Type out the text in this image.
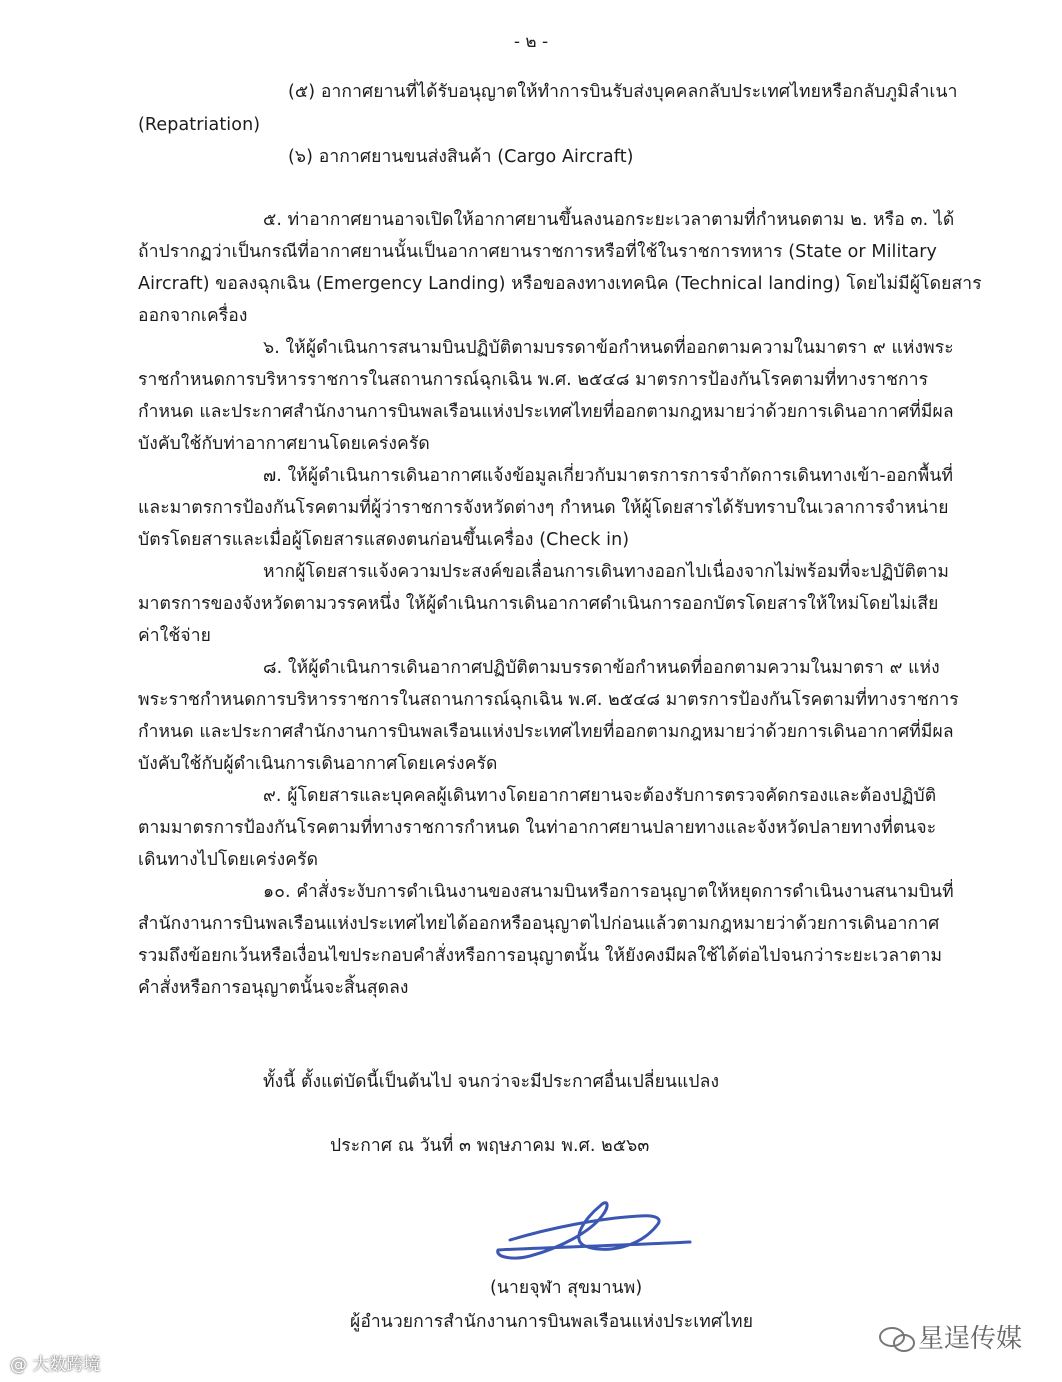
- ๒ -
(๕) อากาศยานที่ได้รับอนุญาตให้ทำการบินรับส่งบุคคลกลับประเทศไทยหรือกลับภูมิลำเนา
(Repatriation)
(๖) อากาศยานขนส่งสินค้า (Cargo Aircraft)
๕. ท่าอากาศยานอาจเปิดให้อากาศยานขึ้นลงนอกระยะเวลาตามที่กำหนดตาม ๒. หรือ ๓. ได้
ถ้าปรากฏว่าเป็นกรณีที่อากาศยานนั้นเป็นอากาศยานราชการหรือที่ใช้ในราชการทหาร (State or Military
Aircraft) ขอลงฉุกเฉิน (Emergency Landing) หรือขอลงทางเทคนิค (Technical landing) โดยไม่มีผู้โดยสาร
ออกจากเครื่อง
๖. ให้ผู้ดำเนินการสนามบินปฏิบัติตามบรรดาข้อกำหนดที่ออกตามความในมาตรา ๙ แห่งพระ
ราชกำหนดการบริหารราชการในสถานการณ์ฉุกเฉิน พ.ศ. ๒๕๔๘ มาตรการป้องกันโรคตามที่ทางราชการ
กำหนด และประกาศสำนักงานการบินพลเรือนแห่งประเทศไทยที่ออกตามกฎหมายว่าด้วยการเดินอากาศที่มีผล
บังคับใช้กับท่าอากาศยานโดยเคร่งครัด
๗. ให้ผู้ดำเนินการเดินอากาศแจ้งข้อมูลเกี่ยวกับมาตรการการจำกัดการเดินทางเข้า-ออกพื้นที่
และมาตรการป้องกันโรคตามที่ผู้ว่าราชการจังหวัดต่างๆ กำหนด ให้ผู้โดยสารได้รับทราบในเวลาการจำหน่าย
บัตรโดยสารและเมื่อผู้โดยสารแสดงตนก่อนขึ้นเครื่อง (Check in)
หากผู้โดยสารแจ้งความประสงค์ขอเลื่อนการเดินทางออกไปเนื่องจากไม่พร้อมที่จะปฏิบัติตาม
มาตรการของจังหวัดตามวรรคหนึ่ง ให้ผู้ดำเนินการเดินอากาศดำเนินการออกบัตรโดยสารให้ใหม่โดยไม่เสีย
ค่าใช้จ่าย
๘. ให้ผู้ดำเนินการเดินอากาศปฏิบัติตามบรรดาข้อกำหนดที่ออกตามความในมาตรา ๙ แห่ง
พระราชกำหนดการบริหารราชการในสถานการณ์ฉุกเฉิน พ.ศ. ๒๕๔๘ มาตรการป้องกันโรคตามที่ทางราชการ
กำหนด และประกาศสำนักงานการบินพลเรือนแห่งประเทศไทยที่ออกตามกฎหมายว่าด้วยการเดินอากาศที่มีผล
บังคับใช้กับผู้ดำเนินการเดินอากาศโดยเคร่งครัด
๙. ผู้โดยสารและบุคคลผู้เดินทางโดยอากาศยานจะต้องรับการตรวจคัดกรองและต้องปฏิบัติ
ตามมาตรการป้องกันโรคตามที่ทางราชการกำหนด ในท่าอากาศยานปลายทางและจังหวัดปลายทางที่ตนจะ
เดินทางไปโดยเคร่งครัด
๑๐. คำสั่งระงับการดำเนินงานของสนามบินหรือการอนุญาตให้หยุดการดำเนินงานสนามบินที่
สำนักงานการบินพลเรือนแห่งประเทศไทยได้ออกหรืออนุญาตไปก่อนแล้วตามกฎหมายว่าด้วยการเดินอากาศ
รวมถึงข้อยกเว้นหรือเงื่อนไขประกอบคำสั่งหรือการอนุญาตนั้น ให้ยังคงมีผลใช้ได้ต่อไปจนกว่าระยะเวลาตาม
คำสั่งหรือการอนุญาตนั้นจะสิ้นสุดลง
ทั้งนี้ ตั้งแต่บัดนี้เป็นต้นไป จนกว่าจะมีประกาศอื่นเปลี่ยนแปลง
ประกาศ ณ วันที่ ๓ พฤษภาคม พ.ศ. ๒๕๖๓
(นายจุฬา สุขมานพ)
ผู้อำนวยการสำนักงานการบินพลเรือนแห่งประเทศไทย
@ 大数跨境
星逞传媒
